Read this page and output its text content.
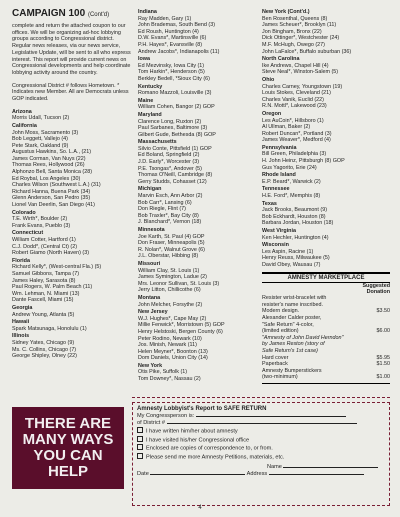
CAMPAIGN 100 (Cont'd)
complete and return the attached coupon to our offices. We will be organizing ad-hoc lobbying groups according to Congressional district. Regular news releases, via our news service, Legislative Update, will be sent to all who express interest. This report will provide current news on Congressional developments and help coordinate lobbying activity around the country.
Congressional District # follows Hometown. * Indicates new Member. All are Democrats unless GOP indicated.
Arizona
Morris Udall, Tucson (2)
California
John Moss, Sacramento (3)
Bob Leggett, Vallejo (4)
Pete Stark, Oakland (9)
Augustus Hawkins, So. L.A., (21)
James Corman, Van Nuys (22)
Thomas Rees, Hollywood (26)
Alphonzo Bell, Santa Monica (28)
Ed Roybal, Los Angeles (30)
Charles Wilson (Southwest L.A.) (31)
Richard Hanna, Buena Park (34)
Glenn Anderson, San Pedro (35)
Lionel Van Deerlin, San Diego (41)
Colorado
T.E. Wirth*, Boulder (2)
Frank Evans, Pueblo (3)
Connecticut
William Cotter, Hartford (1)
C.J. Dodd*, (Central Ct) (2)
Robert Giamo (North Haven) (3)
Florida
Richard Kelly*, (West-central Fla.) (5)
Samuel Gibbons, Tampa (7)
James Haley, Sarasota (8)
Paul Rogers, W. Palm Beach (11)
Wm. Lehman, N. Miami (13)
Dante Fascell, Miami (15)
Georgia
Andrew Young, Atlanta (5)
Hawaii
Spark Matsunaga, Honolulu (1)
Illinois
Sidney Yates, Chicago (9)
Ms. C. Collins, Chicago (7)
George Shipley, Olney (22)
Indiana
Ray Madden, Gary (1)
John Brademas, South Bend (3)
Ed Roush, Huntington (4)
D.W. Evans*, Martinsville (6)
P.H. Hayes*, Evansville (8)
Andrew Jacobs*, Indianapolis (11)
Iowa
Ed Mezvinsky, Iowa City (1)
Tom Harkin*, Henderson (5)
Berkley Bedell, *Sioux City (6)
Kentucky
Romano Mazzoli, Louisville (3)
Maine
William Cohen, Bangor (2) GOP
Maryland
Clarence Long, Ruxton (2)
Paul Sarbanes, Baltimore (3)
Gilbert Gude, Bethesda (8) GOP
Massachusetts
Silvio Conte, Pittsfield (1) GOP
Ed Boland, Springfield (2)
J.D. Early*, Worcester (3)
P.E. Tsongas*, Andover (5)
Thomas O'Neill, Cambridge (8)
Gerry Studds, Cohasset (12)
Michigan
Marvin Esch, Ann Arbor (2)
Bob Carr*, Lansing (6)
Don Riegle, Flint (7)
Bob Traxler*, Bay City (8)
J. Blanchard*, Vernon (18)
Minnesota
Joe Karth, St. Paul (4) GOP
Don Fraser, Minneapolis (5)
R. Nolan*, Walnut Grove (6)
J.L. Oberstar, Hibbing (8)
Missouri
William Clay, St. Louis (1)
James Symington, Ladue (2)
Mrs. Leonor Sullivan, St. Louis (3)
Jerry Litton, Chillicothe (6)
Montana
John Melcher, Forsythe (2)
New Jersey
W.J. Hughes*, Cape May (2)
Millie Fenwick*, Morristown (5) GOP
Henry Helstoski, Bergen County (6)
Peter Rodino, Newark (10)
Jos. Minish, Newark (11)
Helen Meyner*, Boonton (13)
Dom Daniels, Union City (14)
New York
Otis Pike, Suffolk (1)
Tom Downey*, Nassau (2)
New York (Cont'd.)
Ben Rosenthal, Queens (8)
James Scheuer*, Brooklyn (11)
Jon Bingham, Bronx (22)
Dick Ottinger*, Westchester (24)
M.F. McHugh, Owego (27)
John LaFalce*, Buffalo suburban (36)
North Carolina
Ike Andrews, Chapel Hill (4)
Steve Neal*, Winston-Salem (5)
Ohio
Charles Carney, Youngstown (19)
Louis Stokes, Cleveland (21)
Charles Vanik, Euclid (22)
R.N. Mottl*, Lakewood (23)
Oregon
Les AuCoin*, Hillsboro (1)
Al Ullman, Baker (2)
Robert Duncan*, Portland (3)
James Weaver*, Medford (4)
Pennsylvania
Bill Green, Philadelphia (3)
H. John Heinz, Pittsburgh (8) GOP
Gus Yagorito, Erie (24)
Rhode Island
E.P. Beard*, Warwick (2)
Tennessee
H.E. Ford*, Memphis (8)
Texas
Jack Brooks, Beaumont (9)
Bob Eckhardt, Houston (8)
Barbara Jordan, Houston (18)
West Virginia
Ken Hechler, Huntington (4)
Wisconsin
Les Aspin, Racine (1)
Henry Reuss, Milwaukee (5)
David Obey, Wausau (7)
AMNESTY MARKETPLACE
Suggested
Donation
Resister wrist-bracelet with
resister's name inscribed.
Modern design.	$3.50
Alexander Calder poster,
"Safe Return" 4-color,
(limited edition)	$6.00
"Amnesty of John David Herndon"
by James Reston (story of
Safe Return's 1st case)
Hard cover	$5.95
Paperback	$1.50
Amnesty Bumperstickers
(two-minimum)	$1.00
THERE ARE
MANY WAYS
YOU CAN
HELP
Amnesty Lobbyist's Report to SAFE RETURN
My Congressperson is:
of District #
I have written him/her about amnesty
I have visited his/her Congressional office
Enclosed are copies of correspondence to, or from.
Please send me more Amnesty Petitions, materials, etc.
Name
Date	Address
4
